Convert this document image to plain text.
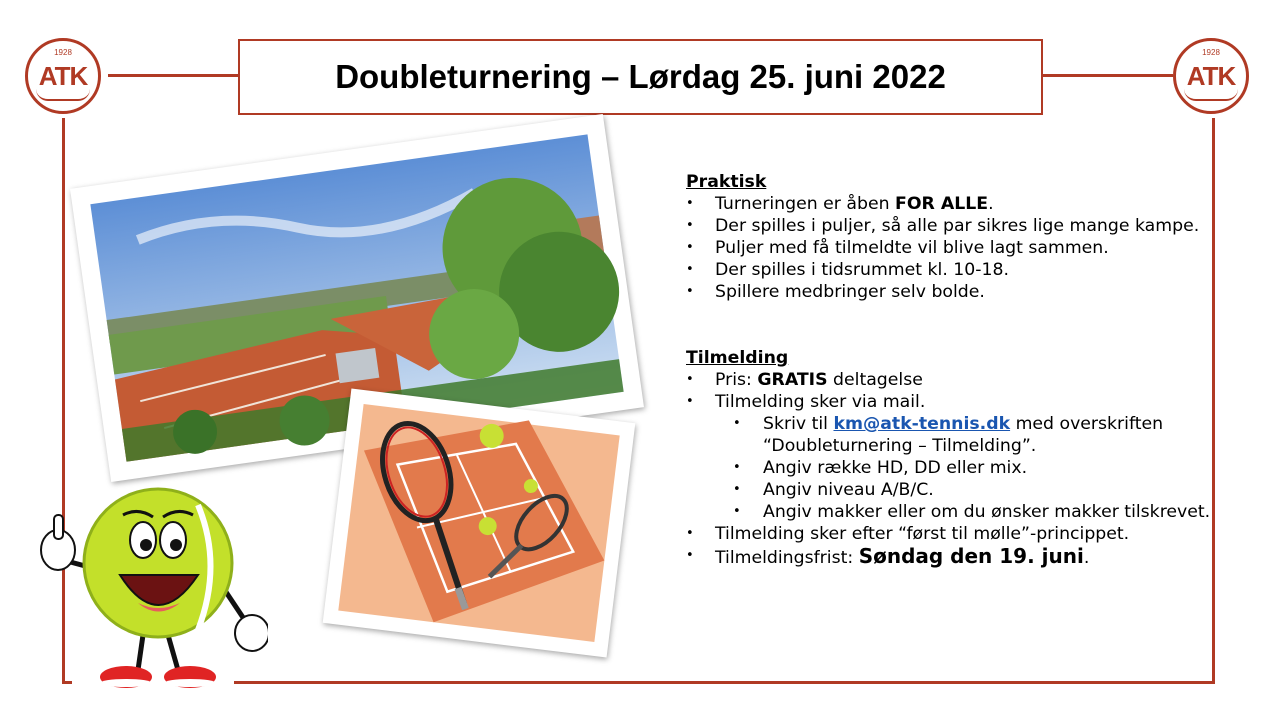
1928
ATK
1928
ATK
Doubleturnering – Lørdag 25. juni 2022

Praktisk

• Turneringen er åben FOR ALLE.
• Der spilles i puljer, så alle par sikres lige mange kampe.
• Puljer med få tilmeldte vil blive lagt sammen.
• Der spilles i tidsrummet kl. 10-18.
• Spillere medbringer selv bolde.

Tilmelding

• Pris: GRATIS deltagelse
• Tilmelding sker via mail.
• Skriv til km@atk-tennis.dk med overskriften “Doubleturnering – Tilmelding”.
• Angiv række HD, DD eller mix.
• Angiv niveau A/B/C.
• Angiv makker eller om du ønsker makker tilskrevet.
• Tilmelding sker efter “først til mølle”-princippet.
• Tilmeldingsfrist: Søndag den 19. juni.
